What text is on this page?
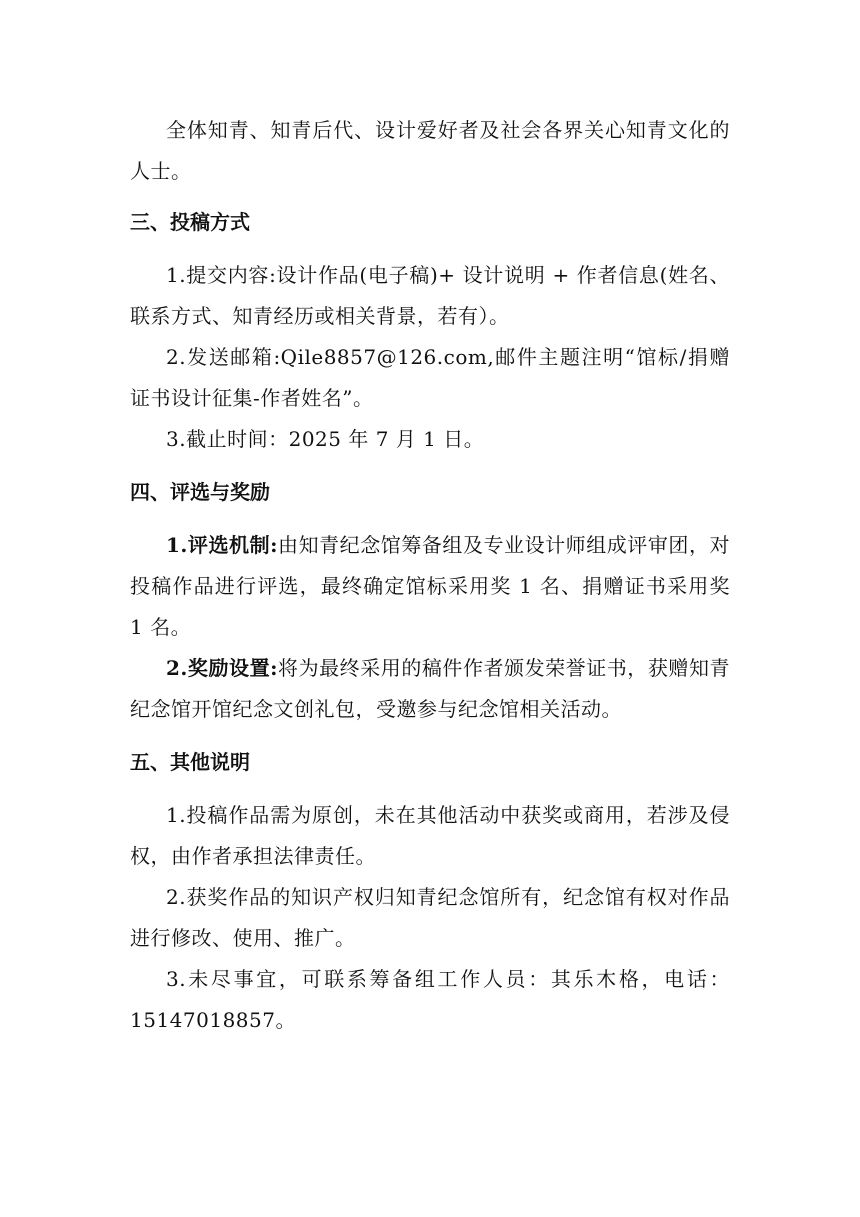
全体知青、知青后代、设计爱好者及社会各界关心知青文化的人士。

三、投稿方式

1.提交内容:设计作品(电子稿)+ 设计说明 + 作者信息(姓名、联系方式、知青经历或相关背景，若有）。

2.发送邮箱:Qile8857@126.com,邮件主题注明“馆标/捐赠证书设计征集-作者姓名”。

3.截止时间：2025 年 7 月 1 日。

四、评选与奖励

1.评选机制:由知青纪念馆筹备组及专业设计师组成评审团，对投稿作品进行评选，最终确定馆标采用奖 1 名、捐赠证书采用奖 1 名。

2.奖励设置:将为最终采用的稿件作者颁发荣誉证书，获赠知青纪念馆开馆纪念文创礼包，受邀参与纪念馆相关活动。

五、其他说明

1.投稿作品需为原创，未在其他活动中获奖或商用，若涉及侵权，由作者承担法律责任。

2.获奖作品的知识产权归知青纪念馆所有，纪念馆有权对作品进行修改、使用、推广。

3.未尽事宜，可联系筹备组工作人员：其乐木格，电话：15147018857。
